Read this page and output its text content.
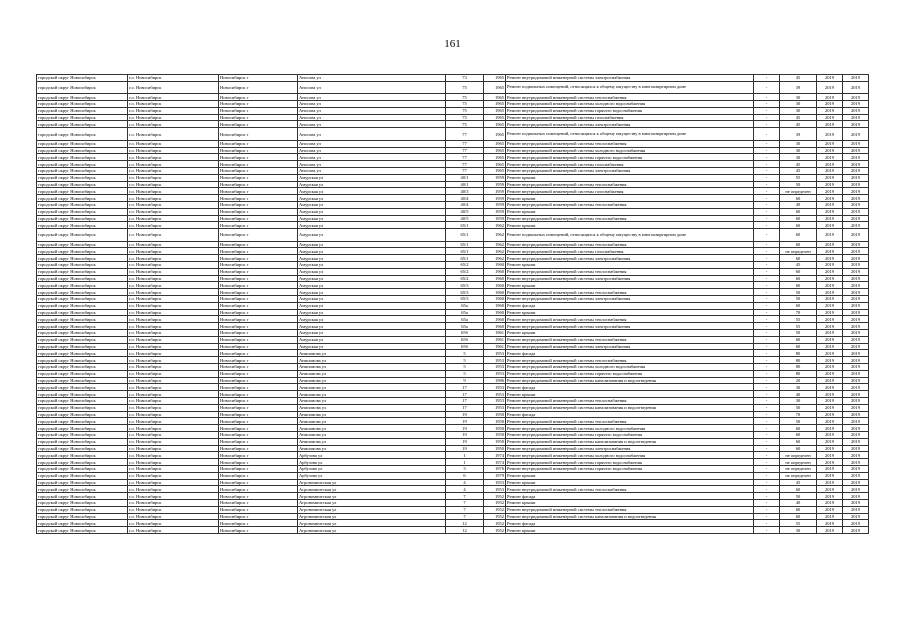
161
городской округ Новосибирск	г.о. Новосибирск	Новосибирск г	Аносова ул	73	1965	Ремонт внутридомовой инженерной системы электроснабжения	-	45	2019	2019
городской округ Новосибирск	г.о. Новосибирск	Новосибирск г	Аносова ул	75	1965	Ремонт подвальных помещений, относящихся к общему имуществу в многоквартирном доме	-	39	2019	2019
городской округ Новосибирск	г.о. Новосибирск	Новосибирск г	Аносова ул	75	1965	Ремонт внутридомовой инженерной системы теплоснабжения	-	30	2019	2019
городской округ Новосибирск	г.о. Новосибирск	Новосибирск г	Аносова ул	75	1965	Ремонт внутридомовой инженерной системы холодного водоснабжения	-	30	2019	2019
городской округ Новосибирск	г.о. Новосибирск	Новосибирск г	Аносова ул	75	1965	Ремонт внутридомовой инженерной системы горячего водоснабжения	-	30	2019	2019
городской округ Новосибирск	г.о. Новосибирск	Новосибирск г	Аносова ул	75	1965	Ремонт внутридомовой инженерной системы газоснабжения	-	45	2019	2019
городской округ Новосибирск	г.о. Новосибирск	Новосибирск г	Аносова ул	75	1965	Ремонт внутридомовой инженерной системы электроснабжения	-	45	2019	2019
городской округ Новосибирск	г.о. Новосибирск	Новосибирск г	Аносова ул	77	1965	Ремонт подвальных помещений, относящихся к общему имуществу в многоквартирном доме	-	39	2019	2019
городской округ Новосибирск	г.о. Новосибирск	Новосибирск г	Аносова ул	77	1965	Ремонт внутридомовой инженерной системы теплоснабжения	-	30	2019	2019
городской округ Новосибирск	г.о. Новосибирск	Новосибирск г	Аносова ул	77	1965	Ремонт внутридомовой инженерной системы холодного водоснабжения	-	30	2019	2019
городской округ Новосибирск	г.о. Новосибирск	Новосибирск г	Аносова ул	77	1965	Ремонт внутридомовой инженерной системы горячего водоснабжения	-	30	2019	2019
городской округ Новосибирск	г.о. Новосибирск	Новосибирск г	Аносова ул	77	1965	Ремонт внутридомовой инженерной системы газоснабжения	-	45	2019	2019
городской округ Новосибирск	г.о. Новосибирск	Новосибирск г	Аносова ул	77	1965	Ремонт внутридомовой инженерной системы электроснабжения	-	45	2019	2019
городской округ Новосибирск	г.о. Новосибирск	Новосибирск г	Амурская ул	40/1	1959	Ремонт крыши	-	55	2019	2019
городской округ Новосибирск	г.о. Новосибирск	Новосибирск г	Амурская ул	40/1	1959	Ремонт внутридомовой инженерной системы теплоснабжения	-	50	2019	2019
городской округ Новосибирск	г.о. Новосибирск	Новосибирск г	Амурская ул	40/3	1959	Ремонт внутридомовой инженерной системы газоснабжения	-	не определен	2019	2019
городской округ Новосибирск	г.о. Новосибирск	Новосибирск г	Амурская ул	40/4	1959	Ремонт крыши	-	60	2019	2019
городской округ Новосибирск	г.о. Новосибирск	Новосибирск г	Амурская ул	40/4	1959	Ремонт внутридомовой инженерной системы теплоснабжения	-	49	2019	2019
городской округ Новосибирск	г.о. Новосибирск	Новосибирск г	Амурская ул	40/5	1959	Ремонт крыши	-	60	2019	2019
городской округ Новосибирск	г.о. Новосибирск	Новосибирск г	Амурская ул	40/5	1959	Ремонт внутридомовой инженерной системы теплоснабжения	-	60	2019	2019
городской округ Новосибирск	г.о. Новосибирск	Новосибирск г	Амурская ул	65/1	1962	Ремонт крыши	-	60	2019	2019
городской округ Новосибирск	г.о. Новосибирск	Новосибирск г	Амурская ул	65/1	1962	Ремонт подвальных помещений, относящихся к общему имуществу в многоквартирном доме	-	60	2019	2019
городской округ Новосибирск	г.о. Новосибирск	Новосибирск г	Амурская ул	65/1	1962	Ремонт внутридомовой инженерной системы теплоснабжения	-	60	2019	2019
городской округ Новосибирск	г.о. Новосибирск	Новосибирск г	Амурская ул	65/1	1962	Ремонт внутридомовой инженерной системы газоснабжения	-	не определен	2019	2019
городской округ Новосибирск	г.о. Новосибирск	Новосибирск г	Амурская ул	65/1	1962	Ремонт внутридомовой инженерной системы электроснабжения	-	60	2019	2019
городской округ Новосибирск	г.о. Новосибирск	Новосибирск г	Амурская ул	65/2	1960	Ремонт крыши	-	45	2019	2019
городской округ Новосибирск	г.о. Новосибирск	Новосибирск г	Амурская ул	65/2	1960	Ремонт внутридомовой инженерной системы теплоснабжения	-	60	2019	2019
городской округ Новосибирск	г.о. Новосибирск	Новосибирск г	Амурская ул	65/2	1960	Ремонт внутридомовой инженерной системы электроснабжения	-	60	2019	2019
городской округ Новосибирск	г.о. Новосибирск	Новосибирск г	Амурская ул	65/3	1960	Ремонт крыши	-	60	2019	2019
городской округ Новосибирск	г.о. Новосибирск	Новосибирск г	Амурская ул	65/3	1960	Ремонт внутридомовой инженерной системы теплоснабжения	-	50	2019	2019
городской округ Новосибирск	г.о. Новосибирск	Новосибирск г	Амурская ул	65/3	1960	Ремонт внутридомовой инженерной системы электроснабжения	-	50	2019	2019
городской округ Новосибирск	г.о. Новосибирск	Новосибирск г	Амурская ул	65а	1960	Ремонт фасада	-	60	2019	2019
городской округ Новосибирск	г.о. Новосибирск	Новосибирск г	Амурская ул	65а	1960	Ремонт крыши	-	70	2019	2019
городской округ Новосибирск	г.о. Новосибирск	Новосибирск г	Амурская ул	65а	1960	Ремонт внутридомовой инженерной системы теплоснабжения	-	55	2019	2019
городской округ Новосибирск	г.о. Новосибирск	Новосибирск г	Амурская ул	65а	1960	Ремонт внутридомовой инженерной системы электроснабжения	-	55	2019	2019
городской округ Новосибирск	г.о. Новосибирск	Новосибирск г	Амурская ул	65б	1961	Ремонт крыши	-	50	2019	2019
городской округ Новосибирск	г.о. Новосибирск	Новосибирск г	Амурская ул	65б	1961	Ремонт внутридомовой инженерной системы теплоснабжения	-	60	2019	2019
городской округ Новосибирск	г.о. Новосибирск	Новосибирск г	Амурская ул	65б	1961	Ремонт внутридомовой инженерной системы электроснабжения	-	60	2019	2019
городской округ Новосибирск	г.о. Новосибирск	Новосибирск г	Анисимова ул	5	1953	Ремонт фасада	-	80	2019	2019
городской округ Новосибирск	г.о. Новосибирск	Новосибирск г	Анисимова ул	5	1953	Ремонт внутридомовой инженерной системы теплоснабжения	-	80	2019	2019
городской округ Новосибирск	г.о. Новосибирск	Новосибирск г	Анисимова ул	5	1953	Ремонт внутридомовой инженерной системы холодного водоснабжения	-	80	2019	2019
городской округ Новосибирск	г.о. Новосибирск	Новосибирск г	Анисимова ул	5	1953	Ремонт внутридомовой инженерной системы горячего водоснабжения	-	80	2019	2019
городской округ Новосибирск	г.о. Новосибирск	Новосибирск г	Анисимова ул	9	1986	Ремонт внутридомовой инженерной системы канализования и водоотведения	-	20	2019	2019
городской округ Новосибирск	г.о. Новосибирск	Новосибирск г	Анисимова ул	17	1953	Ремонт фасада	-	30	2019	2019
городской округ Новосибирск	г.о. Новосибирск	Новосибирск г	Анисимова ул	17	1953	Ремонт крыши	-	40	2019	2019
городской округ Новосибирск	г.о. Новосибирск	Новосибирск г	Анисимова ул	17	1953	Ремонт внутридомовой инженерной системы теплоснабжения	-	30	2019	2019
городской округ Новосибирск	г.о. Новосибирск	Новосибирск г	Анисимова ул	17	1953	Ремонт внутридомовой инженерной системы канализования и водоотведения	-	50	2019	2019
городской округ Новосибирск	г.о. Новосибирск	Новосибирск г	Анисимова ул	19	1950	Ремонт фасада	-	70	2019	2019
городской округ Новосибирск	г.о. Новосибирск	Новосибирск г	Анисимова ул	19	1950	Ремонт внутридомовой инженерной системы теплоснабжения	-	50	2019	2019
городской округ Новосибирск	г.о. Новосибирск	Новосибирск г	Анисимова ул	19	1950	Ремонт внутридомовой инженерной системы холодного водоснабжения	-	60	2019	2019
городской округ Новосибирск	г.о. Новосибирск	Новосибирск г	Анисимова ул	19	1950	Ремонт внутридомовой инженерной системы горячего водоснабжения	-	60	2019	2019
городской округ Новосибирск	г.о. Новосибирск	Новосибирск г	Анисимова ул	19	1950	Ремонт внутридомовой инженерной системы канализования и водоотведения	-	60	2019	2019
городской округ Новосибирск	г.о. Новосибирск	Новосибирск г	Анисимова ул	19	1950	Ремонт внутридомовой инженерной системы электроснабжения	-	60	2019	2019
городской округ Новосибирск	г.о. Новосибирск	Новосибирск г	Арбузова ул	1	1974	Ремонт внутридомовой инженерной системы холодного водоснабжения	-	не определен	2019	2019
городской округ Новосибирск	г.о. Новосибирск	Новосибирск г	Арбузова ул	1	1974	Ремонт внутридомовой инженерной системы горячего водоснабжения	-	не определен	2019	2019
городской округ Новосибирск	г.о. Новосибирск	Новосибирск г	Арбузова ул	3	1976	Ремонт внутридомовой инженерной системы горячего водоснабжения	-	не определен	2019	2019
городской округ Новосибирск	г.о. Новосибирск	Новосибирск г	Арбузова ул	6	1979	Ремонт крыши	-	не определен	2019	2019
городской округ Новосибирск	г.о. Новосибирск	Новосибирск г	Агрономическая ул	4	1953	Ремонт крыши	-	45	2019	2019
городской округ Новосибирск	г.о. Новосибирск	Новосибирск г	Агрономическая ул	4	1953	Ремонт внутридомовой инженерной системы теплоснабжения	-	60	2019	2019
городской округ Новосибирск	г.о. Новосибирск	Новосибирск г	Агрономическая ул	7	1952	Ремонт фасада	-	50	2019	2019
городской округ Новосибирск	г.о. Новосибирск	Новосибирск г	Агрономическая ул	7	1952	Ремонт крыши	-	40	2019	2019
городской округ Новосибирск	г.о. Новосибирск	Новосибирск г	Агрономическая ул	7	1952	Ремонт внутридомовой инженерной системы теплоснабжения	-	60	2019	2019
городской округ Новосибирск	г.о. Новосибирск	Новосибирск г	Агрономическая ул	7	1952	Ремонт внутридомовой инженерной системы канализования и водоотведения	-	60	2019	2019
городской округ Новосибирск	г.о. Новосибирск	Новосибирск г	Агрономическая ул	12	1952	Ремонт фасада	-	55	2019	2019
городской округ Новосибирск	г.о. Новосибирск	Новосибирск г	Агрономическая ул	12	1952	Ремонт крыши	-	30	2019	2019
